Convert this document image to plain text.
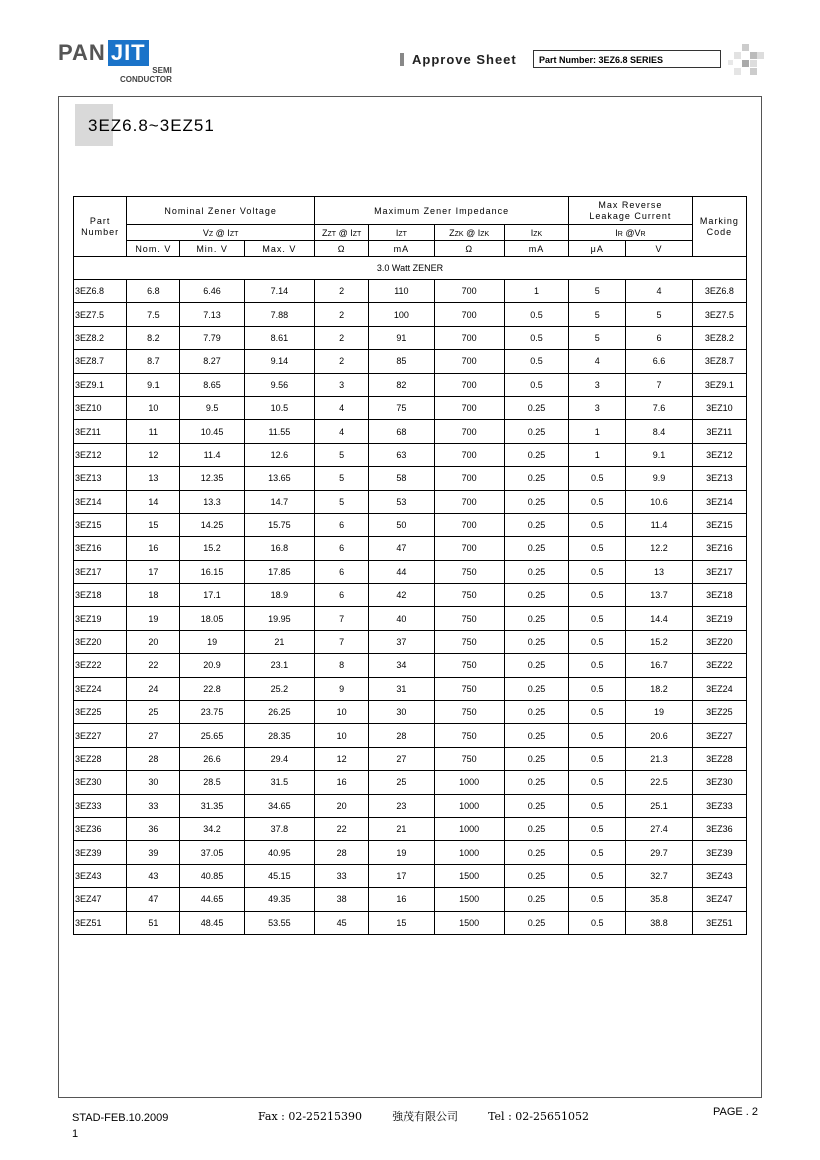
PAN JIT
SEMI
CONDUCTOR
Approve Sheet	Part Number: 3EZ6.8 SERIES
3EZ6.8~3EZ51
Part
Number	Nominal Zener Voltage			Maximum Zener Impedance				Max Reverse
Leakage Current		Marking
Code

	VZ @ IZT			ZZT @ IZT	IZT	ZZK @ IZK	IZK	IR @VR		
	Nom. V	Min. V	Max. V	Ω	mA	Ω	mA	μA	V	
3.0 Watt ZENER										
3EZ6.8	6.8	6.46	7.14	2	110	700	1	5	4	3EZ6.8
3EZ7.5	7.5	7.13	7.88	2	100	700	0.5	5	5	3EZ7.5
3EZ8.2	8.2	7.79	8.61	2	91	700	0.5	5	6	3EZ8.2
3EZ8.7	8.7	8.27	9.14	2	85	700	0.5	4	6.6	3EZ8.7
3EZ9.1	9.1	8.65	9.56	3	82	700	0.5	3	7	3EZ9.1
3EZ10	10	9.5	10.5	4	75	700	0.25	3	7.6	3EZ10
3EZ11	11	10.45	11.55	4	68	700	0.25	1	8.4	3EZ11
3EZ12	12	11.4	12.6	5	63	700	0.25	1	9.1	3EZ12
3EZ13	13	12.35	13.65	5	58	700	0.25	0.5	9.9	3EZ13
3EZ14	14	13.3	14.7	5	53	700	0.25	0.5	10.6	3EZ14
3EZ15	15	14.25	15.75	6	50	700	0.25	0.5	11.4	3EZ15
3EZ16	16	15.2	16.8	6	47	700	0.25	0.5	12.2	3EZ16
3EZ17	17	16.15	17.85	6	44	750	0.25	0.5	13	3EZ17
3EZ18	18	17.1	18.9	6	42	750	0.25	0.5	13.7	3EZ18
3EZ19	19	18.05	19.95	7	40	750	0.25	0.5	14.4	3EZ19
3EZ20	20	19	21	7	37	750	0.25	0.5	15.2	3EZ20
3EZ22	22	20.9	23.1	8	34	750	0.25	0.5	16.7	3EZ22
3EZ24	24	22.8	25.2	9	31	750	0.25	0.5	18.2	3EZ24
3EZ25	25	23.75	26.25	10	30	750	0.25	0.5	19	3EZ25
3EZ27	27	25.65	28.35	10	28	750	0.25	0.5	20.6	3EZ27
3EZ28	28	26.6	29.4	12	27	750	0.25	0.5	21.3	3EZ28
3EZ30	30	28.5	31.5	16	25	1000	0.25	0.5	22.5	3EZ30
3EZ33	33	31.35	34.65	20	23	1000	0.25	0.5	25.1	3EZ33
3EZ36	36	34.2	37.8	22	21	1000	0.25	0.5	27.4	3EZ36
3EZ39	39	37.05	40.95	28	19	1000	0.25	0.5	29.7	3EZ39
3EZ43	43	40.85	45.15	33	17	1500	0.25	0.5	32.7	3EZ43
3EZ47	47	44.65	49.35	38	16	1500	0.25	0.5	35.8	3EZ47
3EZ51	51	48.45	53.55	45	15	1500	0.25	0.5	38.8	3EZ51
STAD-FEB.10.2009
1
Fax : 02-25215390	強茂有限公司	Tel : 02-25651052	PAGE . 2
